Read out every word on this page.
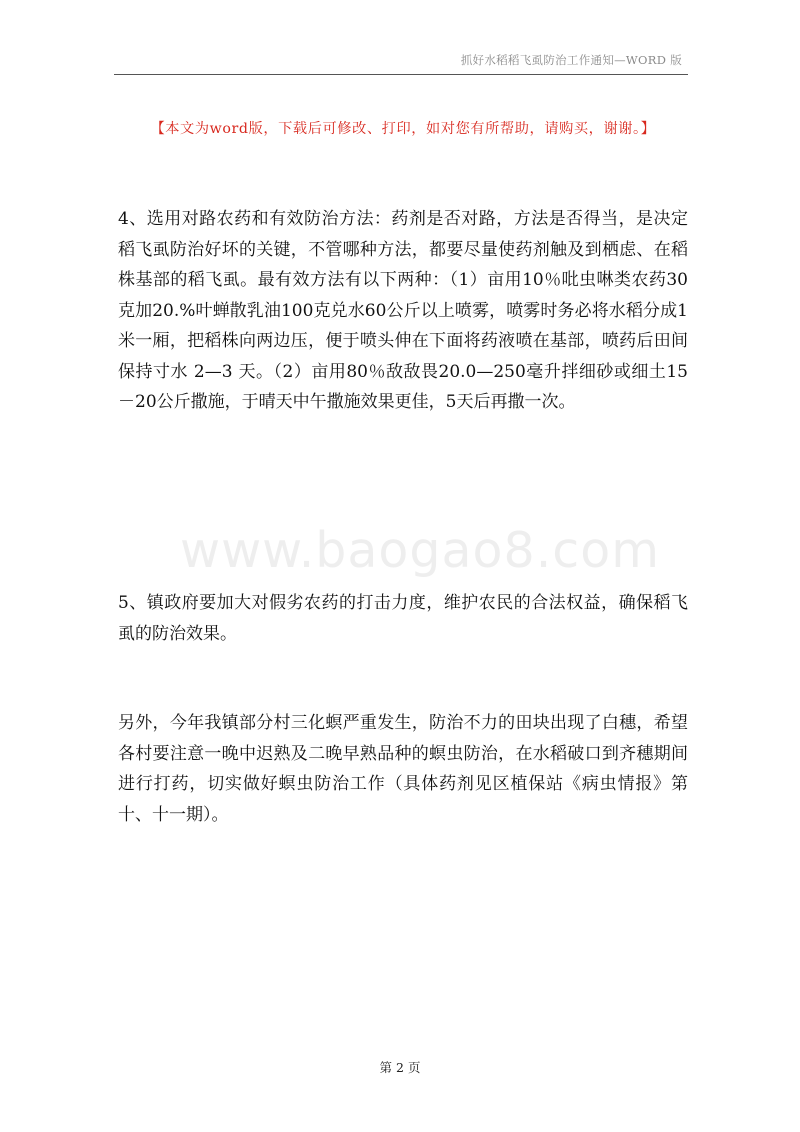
抓好水稻稻飞虱防治工作通知—WORD 版
【本文为word版，下载后可修改、打印，如对您有所帮助，请购买，谢谢。】
www.baogao8.com

4、选用对路农药和有效防治方法：药剂是否对路，方法是否得当，是决定稻飞虱防治好坏的关键，不管哪种方法，都要尽量使药剂触及到栖虑、在稻株基部的稻飞虱。最有效方法有以下两种：（1）亩用10％吡虫啉类农药30克加20.%叶蝉散乳油100克兑水60公斤以上喷雾，喷雾时务必将水稻分成1米一厢，把稻株向两边压，便于喷头伸在下面将药液喷在基部，喷药后田间保持寸水 2—3 天。（2）亩用80％敌敌畏20.0—250毫升拌细砂或细土15－20公斤撒施，于晴天中午撒施效果更佳，5天后再撒一次。

5、镇政府要加大对假劣农药的打击力度，维护农民的合法权益，确保稻飞虱的防治效果。

另外，今年我镇部分村三化螟严重发生，防治不力的田块出现了白穗，希望各村要注意一晚中迟熟及二晚早熟品种的螟虫防治，在水稻破口到齐穗期间进行打药，切实做好螟虫防治工作（具体药剂见区植保站《病虫情报》第十、十一期）。

第 2 页
